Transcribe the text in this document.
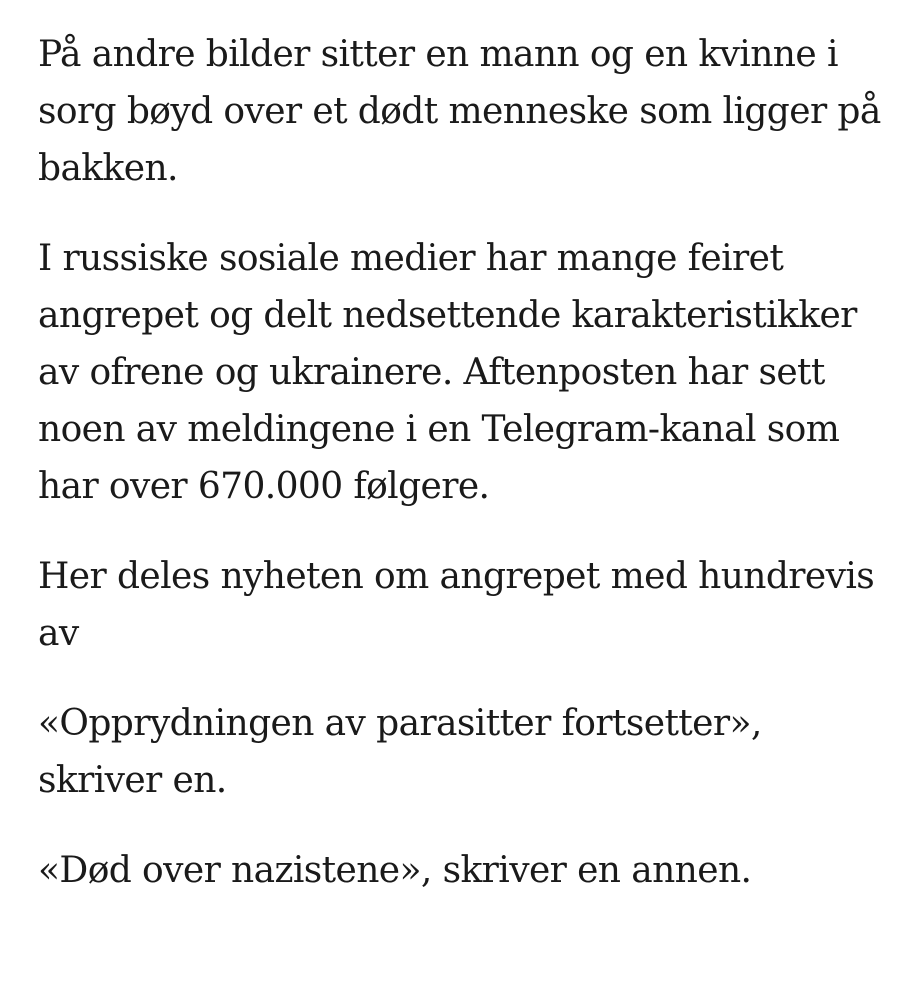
På andre bilder sitter en mann og en kvinne i sorg bøyd over et dødt menneske som ligger på bakken.

I russiske sosiale medier har mange feiret angrepet og delt nedsettende karakteristikker av ofrene og ukrainere. Aftenposten har sett noen av meldingene i en Telegram-kanal som har over 670.000 følgere.

Her deles nyheten om angrepet med hundrevis av

«Opprydningen av parasitter fortsetter», skriver en.

«Død over nazistene», skriver en annen.
